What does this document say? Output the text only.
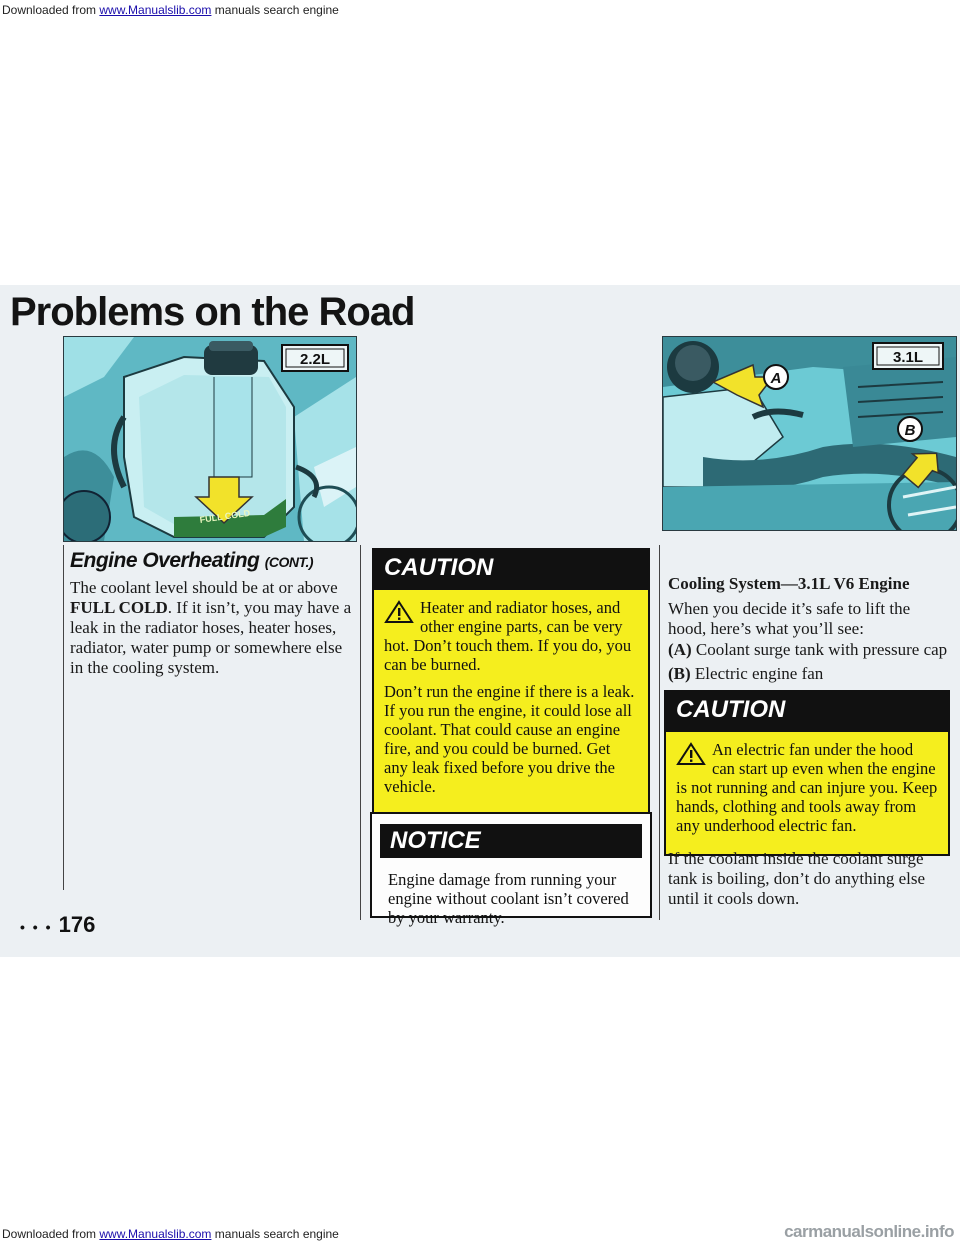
Downloaded from www.Manualslib.com manuals search engine
Problems on the Road
2.2L
FULL COLD
A
B
3.1L
Engine Overheating (CONT.)
The coolant level should be at or above FULL COLD. If it isn’t, you may have a leak in the radiator hoses, heater hoses, radiator, water pump or somewhere else in the cooling system.
CAUTION

Heater and radiator hoses, and other engine parts, can be very hot. Don’t touch them. If you do, you can be burned.

Don’t run the engine if there is a leak. If you run the engine, it could lose all coolant. That could cause an engine fire, and you could be burned. Get any leak fixed before you drive the vehicle.

NOTICE
Engine damage from running your engine without coolant isn’t covered by your warranty.
Cooling System—3.1L V6 Engine
When you decide it’s safe to lift the hood, here’s what you’ll see:
(A) Coolant surge tank with pressure cap
(B) Electric engine fan
CAUTION
An electric fan under the hood can start up even when the engine is not running and can injure you. Keep hands, clothing and tools away from any underhood electric fan.
If the coolant inside the coolant surge tank is boiling, don’t do anything else until it cools down.
• • • 176
Downloaded from www.Manualslib.com manuals search engine	carmanualsonline.info
